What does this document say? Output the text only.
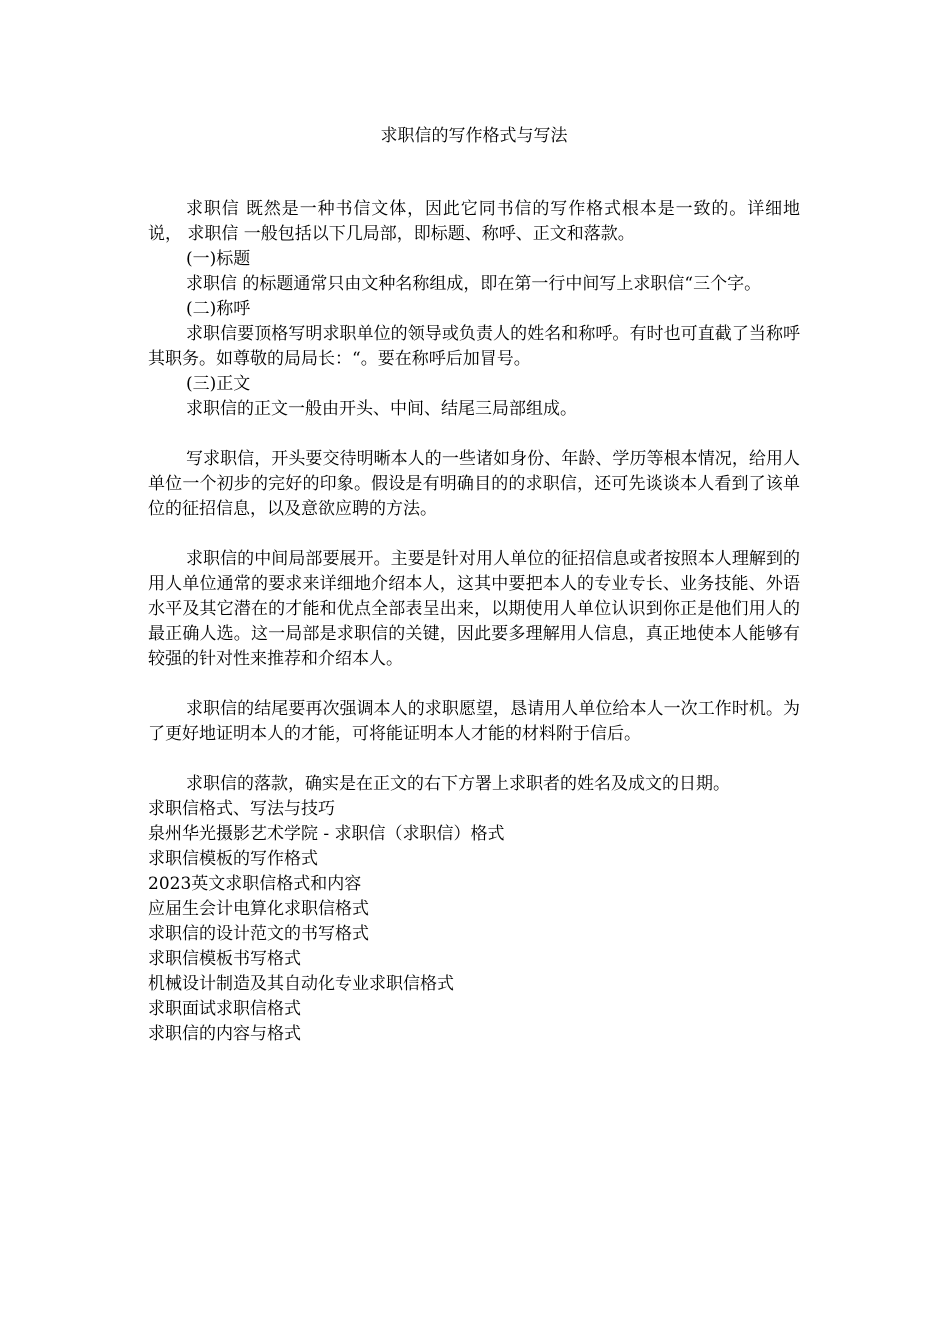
求职信的写作格式与写法

求职信 既然是一种书信文体，因此它同书信的写作格式根本是一致的。详细地说， 求职信 一般包括以下几局部，即标题、称呼、正文和落款。

(一)标题

求职信 的标题通常只由文种名称组成，即在第一行中间写上求职信“三个字。

(二)称呼

求职信要顶格写明求职单位的领导或负责人的姓名和称呼。有时也可直截了当称呼其职务。如尊敬的局局长：“。要在称呼后加冒号。

(三)正文

求职信的正文一般由开头、中间、结尾三局部组成。

写求职信，开头要交待明晰本人的一些诸如身份、年龄、学历等根本情况，给用人单位一个初步的完好的印象。假设是有明确目的的求职信，还可先谈谈本人看到了该单位的征招信息，以及意欲应聘的方法。

求职信的中间局部要展开。主要是针对用人单位的征招信息或者按照本人理解到的用人单位通常的要求来详细地介绍本人，这其中要把本人的专业专长、业务技能、外语水平及其它潜在的才能和优点全部表呈出来，以期使用人单位认识到你正是他们用人的最正确人选。这一局部是求职信的关键，因此要多理解用人信息，真正地使本人能够有较强的针对性来推荐和介绍本人。

求职信的结尾要再次强调本人的求职愿望，恳请用人单位给本人一次工作时机。为了更好地证明本人的才能，可将能证明本人才能的材料附于信后。

求职信的落款，确实是在正文的右下方署上求职者的姓名及成文的日期。

求职信格式、写法与技巧
泉州华光摄影艺术学院 - 求职信（求职信）格式
求职信模板的写作格式
2023英文求职信格式和内容
应届生会计电算化求职信格式
求职信的设计范文的书写格式
求职信模板书写格式
机械设计制造及其自动化专业求职信格式
求职面试求职信格式
求职信的内容与格式
